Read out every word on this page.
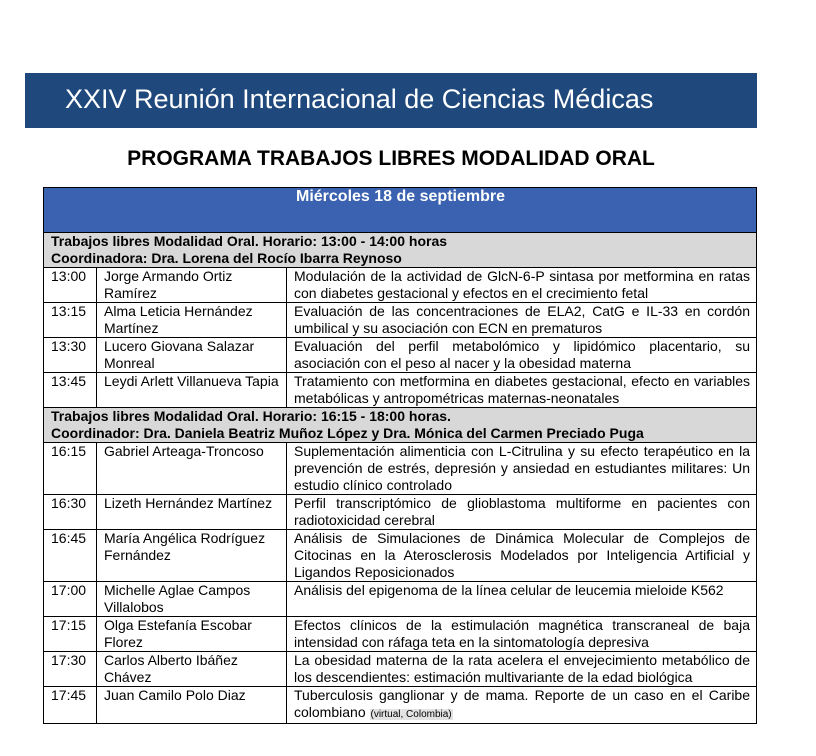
XXIV Reunión Internacional de Ciencias Médicas
PROGRAMA TRABAJOS LIBRES MODALIDAD ORAL
Miércoles 18 de septiembre		

Trabajos libres Modalidad Oral. Horario: 13:00 - 14:00 horas
Coordinadora: Dra. Lorena del Rocío Ibarra Reynoso		

13:00	Jorge Armando Ortiz Ramírez	Modulación de la actividad de GlcN-6-P sintasa por metformina en ratas con diabetes gestacional y efectos en el crecimiento fetal
13:15	Alma Leticia Hernández Martínez	Evaluación de las concentraciones de ELA2, CatG e IL-33 en cordón umbilical y su asociación con ECN en prematuros
13:30	Lucero Giovana Salazar Monreal	Evaluación del perfil metabolómico y lipidómico placentario, su asociación con el peso al nacer y la obesidad materna
13:45	Leydi Arlett Villanueva Tapia	Tratamiento con metformina en diabetes gestacional, efecto en variables metabólicas y antropométricas maternas-neonatales

Trabajos libres Modalidad Oral. Horario: 16:15 - 18:00 horas.
Coordinador: Dra. Daniela Beatriz Muñoz López y Dra. Mónica del Carmen Preciado Puga		

16:15	Gabriel Arteaga-Troncoso	Suplementación alimenticia con L-Citrulina y su efecto terapéutico en la prevención de estrés, depresión y ansiedad en estudiantes militares: Un estudio clínico controlado
16:30	Lizeth Hernández Martínez	Perfil transcriptómico de glioblastoma multiforme en pacientes con radiotoxicidad cerebral
16:45	María Angélica Rodríguez Fernández	Análisis de Simulaciones de Dinámica Molecular de Complejos de Citocinas en la Aterosclerosis Modelados por Inteligencia Artificial y Ligandos Reposicionados
17:00	Michelle Aglae Campos Villalobos	Análisis del epigenoma de la línea celular de leucemia mieloide K562
17:15	Olga Estefanía Escobar Florez	Efectos clínicos de la estimulación magnética transcraneal de baja intensidad con ráfaga teta en la sintomatología depresiva
17:30	Carlos Alberto Ibáñez Chávez	La obesidad materna de la rata acelera el envejecimiento metabólico de los descendientes: estimación multivariante de la edad biológica
17:45	Juan Camilo Polo Diaz	Tuberculosis ganglionar y de mama. Reporte de un caso en el Caribe colombiano (virtual, Colombia)
